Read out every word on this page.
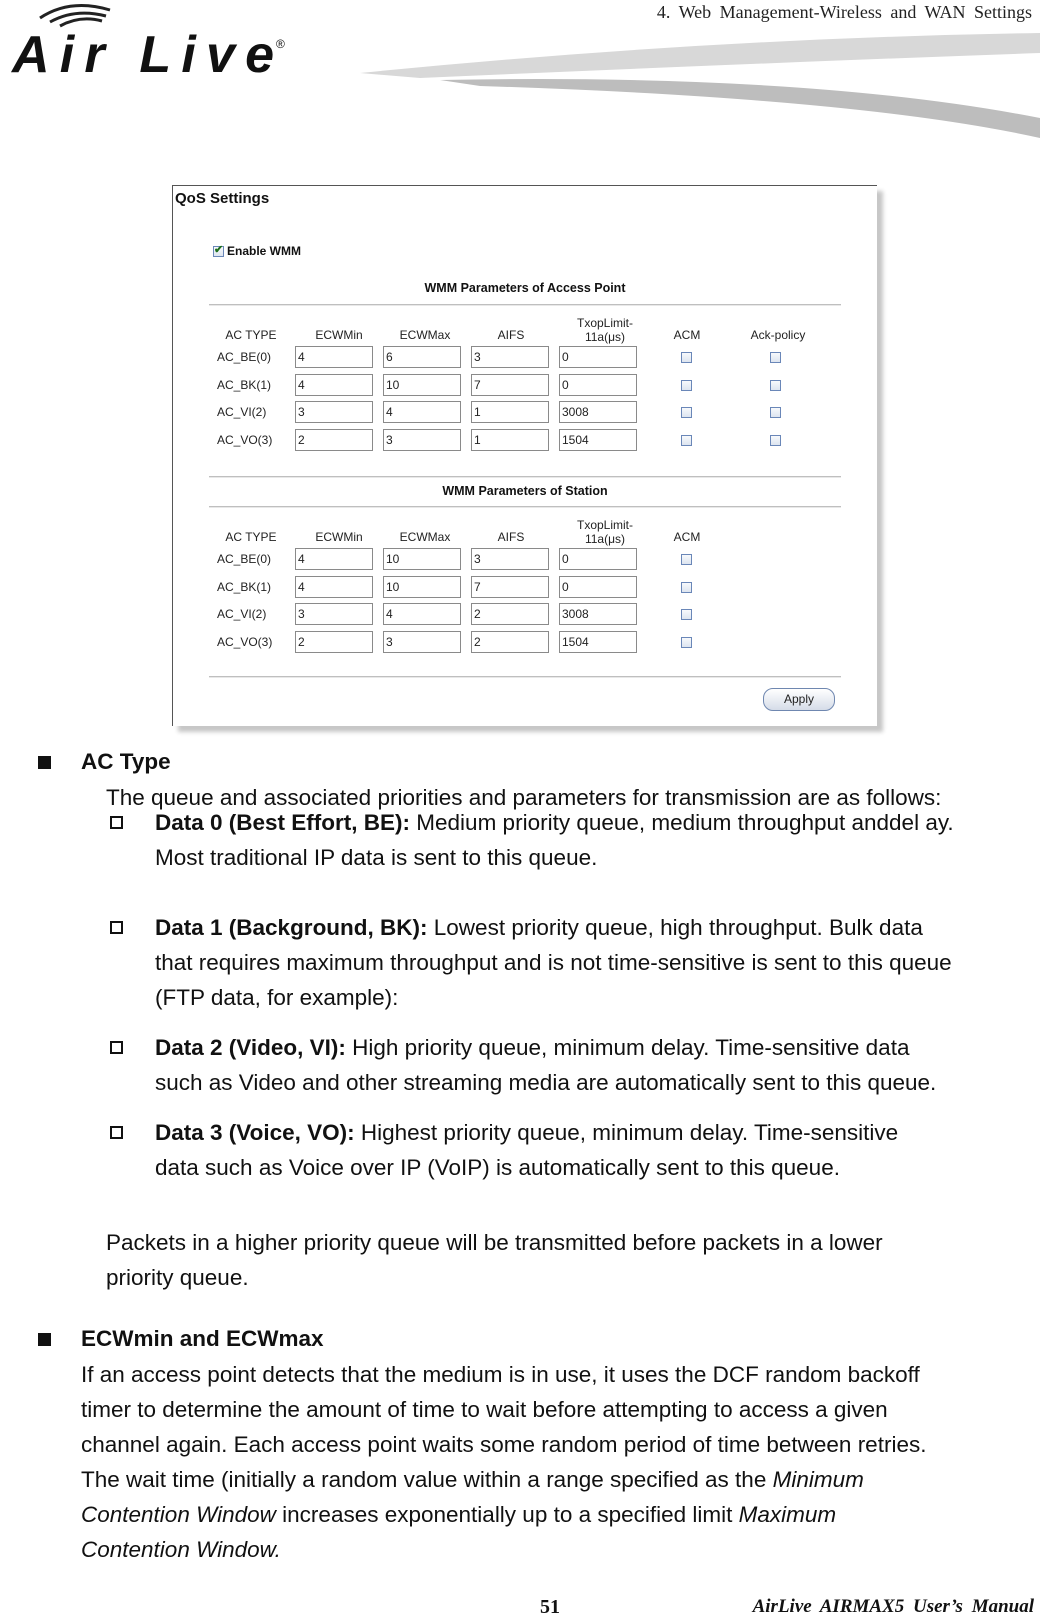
4. Web Management-Wireless and WAN Settings
Air Live ®
QoS Settings
✔
Enable WMM
WMM Parameters of Access Point
AC TYPE	ECWMin	ECWMax	AIFS
TxopLimit-
11a(μs)	ACM	Ack-policy
AC_BE(0) 4	6	3	0
AC_BK(1) 4	10	7	0
AC_VI(2)	3	4	1	3008
AC_VO(3) 2	3	1	1504
WMM Parameters of Station
AC TYPE	ECWMin	ECWMax	AIFS
TxopLimit-
11a(μs)	ACM
AC_BE(0) 4	10	3	0
AC_BK(1) 4	10	7	0
AC_VI(2)	3	4	2	3008
AC_VO(3) 2	3	2	1504
Apply
AC Type
The queue and associated priorities and parameters for transmission are as follows:
Data 0 (Best Effort, BE): Medium priority queue, medium throughput anddel ay.
Most traditional IP data is sent to this queue.
Data 1 (Background, BK): Lowest priority queue, high throughput. Bulk data
that requires maximum throughput and is not time-sensitive is sent to this queue
(FTP data, for example):
Data 2 (Video, VI): High priority queue, minimum delay. Time-sensitive data
such as Video and other streaming media are automatically sent to this queue.
Data 3 (Voice, VO): Highest priority queue, minimum delay. Time-sensitive
data such as Voice over IP (VoIP) is automatically sent to this queue.
Packets in a higher priority queue will be transmitted before packets in a lower
priority queue.
ECWmin and ECWmax
If an access point detects that the medium is in use, it uses the DCF random backoff
timer to determine the amount of time to wait before attempting to access a given
channel again. Each access point waits some random period of time between retries.
The wait time (initially a random value within a range specified as the Minimum
Contention Window increases exponentially up to a specified limit Maximum
Contention Window.
51	AirLive AIRMAX5 User’s Manual
